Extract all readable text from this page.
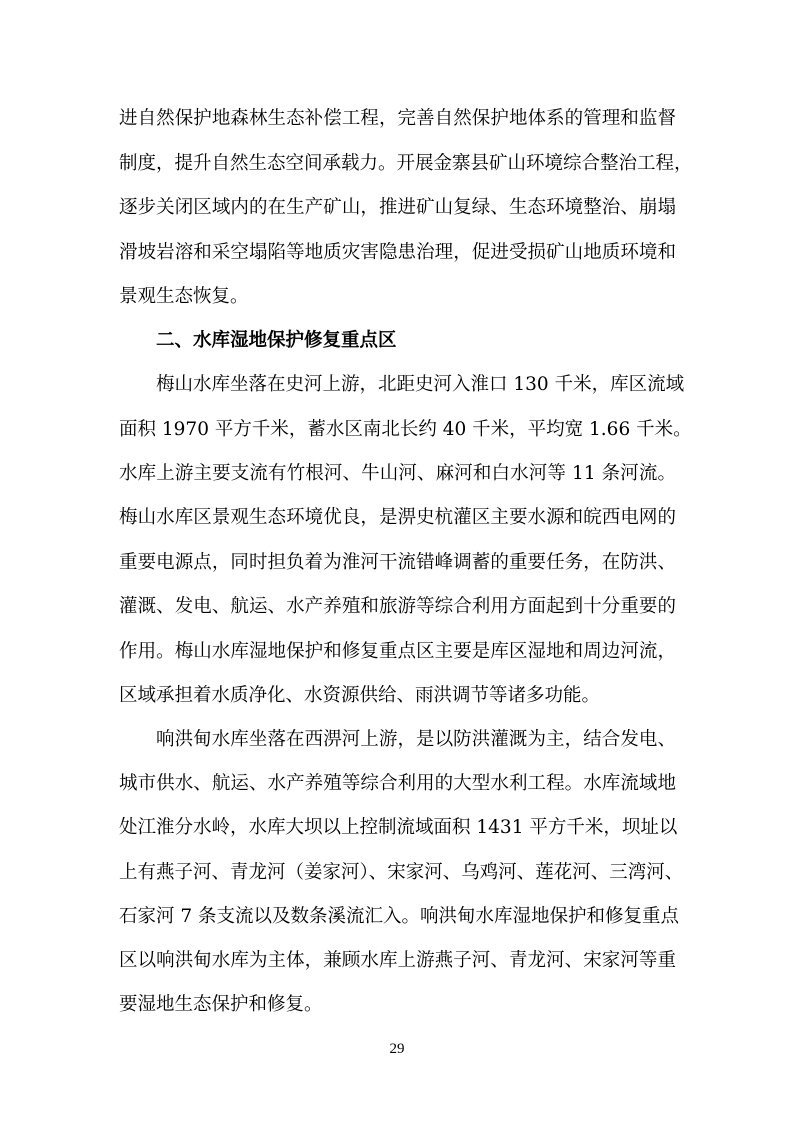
进自然保护地森林生态补偿工程，完善自然保护地体系的管理和监督

制度，提升自然生态空间承载力。开展金寨县矿山环境综合整治工程，

逐步关闭区域内的在生产矿山，推进矿山复绿、生态环境整治、崩塌

滑坡岩溶和采空塌陷等地质灾害隐患治理，促进受损矿山地质环境和

景观生态恢复。

二、水库湿地保护修复重点区

梅山水库坐落在史河上游，北距史河入淮口 130 千米，库区流域

面积 1970 平方千米，蓄水区南北长约 40 千米，平均宽 1.66 千米。

水库上游主要支流有竹根河、牛山河、麻河和白水河等 11 条河流。

梅山水库区景观生态环境优良，是淠史杭灌区主要水源和皖西电网的

重要电源点，同时担负着为淮河干流错峰调蓄的重要任务，在防洪、

灌溉、发电、航运、水产养殖和旅游等综合利用方面起到十分重要的

作用。梅山水库湿地保护和修复重点区主要是库区湿地和周边河流，

区域承担着水质净化、水资源供给、雨洪调节等诸多功能。

响洪甸水库坐落在西淠河上游，是以防洪灌溉为主，结合发电、

城市供水、航运、水产养殖等综合利用的大型水利工程。水库流域地

处江淮分水岭，水库大坝以上控制流域面积 1431 平方千米，坝址以

上有燕子河、青龙河（姜家河）、宋家河、乌鸡河、莲花河、三湾河、

石家河 7 条支流以及数条溪流汇入。响洪甸水库湿地保护和修复重点

区以响洪甸水库为主体，兼顾水库上游燕子河、青龙河、宋家河等重

要湿地生态保护和修复。

29
